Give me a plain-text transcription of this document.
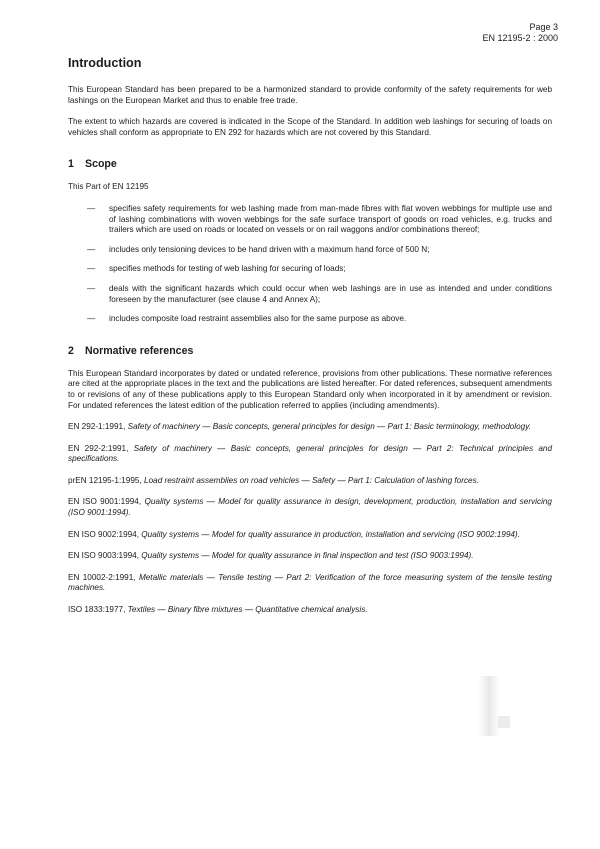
Page 3
EN 12195-2 : 2000
Introduction

This European Standard has been prepared to be a harmonized standard to provide conformity of the safety requirements for web lashings on the European Market and thus to enable free trade.

The extent to which hazards are covered is indicated in the Scope of the Standard. In addition web lashings for securing of loads on vehicles shall conform as appropriate to EN 292 for hazards which are not covered by this Standard.

1	Scope

This Part of EN 12195

—	specifies safety requirements for web lashing made from man-made fibres with flat woven webbings for multiple use and of lashing combinations with woven webbings for the safe surface transport of goods on road vehicles, e.g. trucks and trailers which are used on roads or located on vessels or on rail waggons and/or combinations thereof;
—	includes only tensioning devices to be hand driven with a maximum hand force of 500 N;
—	specifies methods for testing of web lashing for securing of loads;
—	deals with the significant hazards which could occur when web lashings are in use as intended and under conditions foreseen by the manufacturer (see clause 4 and Annex A);
—	includes composite load restraint assemblies also for the same purpose as above.
2	Normative references

This European Standard incorporates by dated or undated reference, provisions from other publications. These normative references are cited at the appropriate places in the text and the publications are listed hereafter. For dated references, subsequent amendments to or revisions of any of these publications apply to this European Standard only when incorporated in it by amendment or revision. For undated references the latest edition of the publication referred to applies (including amendments).

EN 292-1:1991, Safety of machinery — Basic concepts, general principles for design — Part 1: Basic terminology, methodology.

EN 292-2:1991, Safety of machinery — Basic concepts, general principles for design — Part 2: Technical principles and specifications.

prEN 12195-1:1995, Load restraint assemblies on road vehicles — Safety — Part 1: Calculation of lashing forces.

EN ISO 9001:1994, Quality systems — Model for quality assurance in design, development, production, installation and servicing (ISO 9001:1994).

EN ISO 9002:1994, Quality systems — Model for quality assurance in production, installation and servicing (ISO 9002:1994).

EN ISO 9003:1994, Quality systems — Model for quality assurance in final inspection and test (ISO 9003:1994).

EN 10002-2:1991, Metallic materials — Tensile testing — Part 2: Verification of the force measuring system of the tensile testing machines.

ISO 1833:1977, Textiles — Binary fibre mixtures — Quantitative chemical analysis.
